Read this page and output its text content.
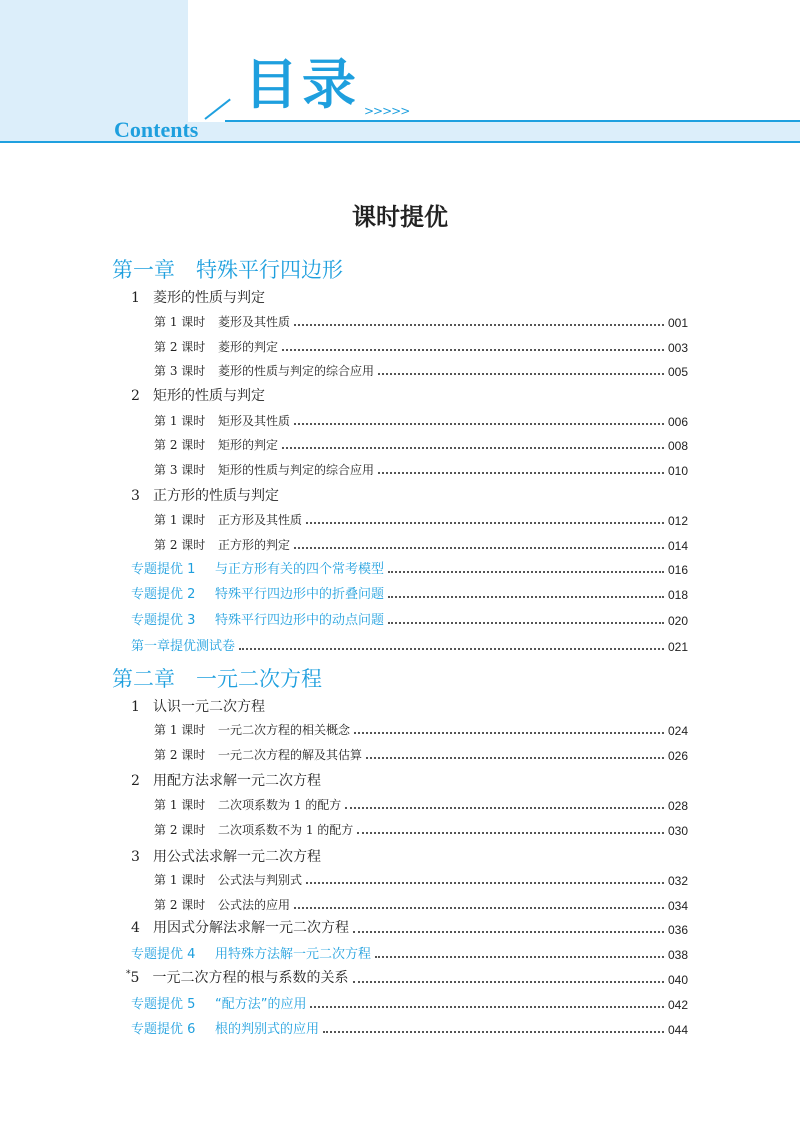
目录 >>>>>
Contents
课时提优
第一章　特殊平行四边形
1 菱形的性质与判定
第 1 课时 菱形及其性质	001
第 2 课时 菱形的判定	003
第 3 课时 菱形的性质与判定的综合应用	005
2 矩形的性质与判定
第 1 课时 矩形及其性质	006
第 2 课时 矩形的判定	008
第 3 课时 矩形的性质与判定的综合应用	010
3 正方形的性质与判定
第 1 课时 正方形及其性质	012
第 2 课时 正方形的判定	014
专题提优 1 与正方形有关的四个常考模型	016
专题提优 2 特殊平行四边形中的折叠问题	018
专题提优 3 特殊平行四边形中的动点问题	020
第一章提优测试卷	021
第二章　一元二次方程
1 认识一元二次方程
第 1 课时 一元二次方程的相关概念	024
第 2 课时 一元二次方程的解及其估算	026
2 用配方法求解一元二次方程
第 1 课时 二次项系数为 1 的配方	028
第 2 课时 二次项系数不为 1 的配方	030
3 用公式法求解一元二次方程
第 1 课时 公式法与判别式	032
第 2 课时 公式法的应用	034
4 用因式分解法求解一元二次方程	036
专题提优 4 用特殊方法解一元二次方程	038
*5 一元二次方程的根与系数的关系	040
专题提优 5 “配方法”的应用	042
专题提优 6 根的判别式的应用	044
